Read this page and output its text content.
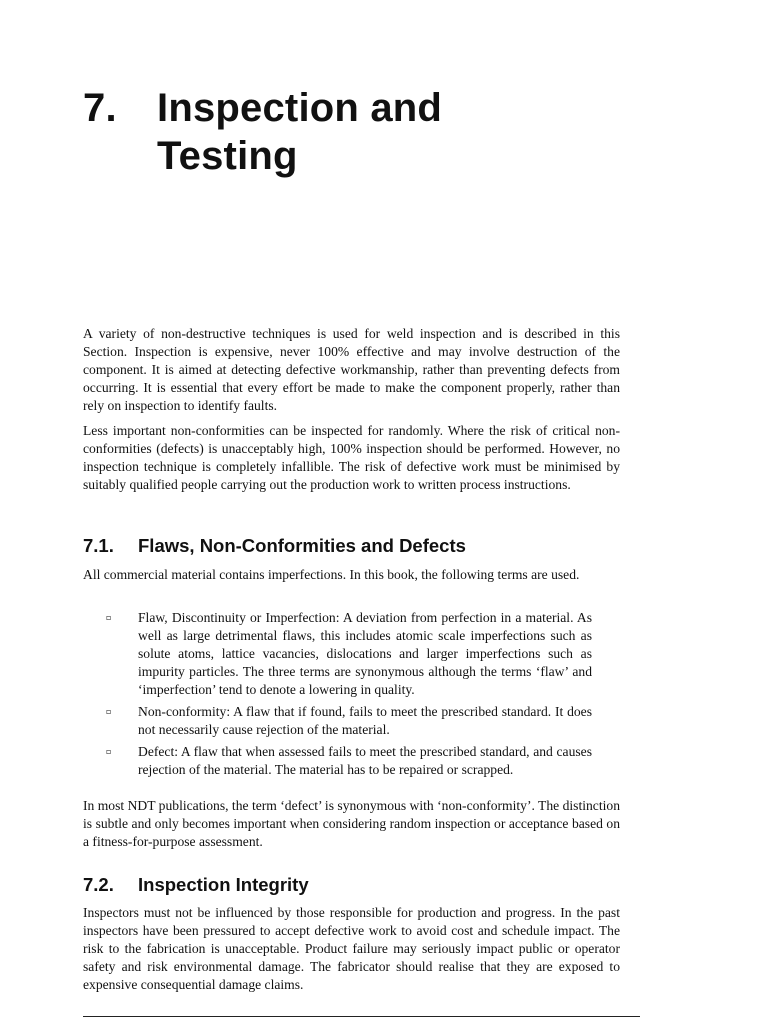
7.	Inspection and Testing

A variety of non-destructive techniques is used for weld inspection and is described in this Section. Inspection is expensive, never 100% effective and may involve destruction of the component. It is aimed at detecting defective workmanship, rather than preventing defects from occurring. It is essential that every effort be made to make the component properly, rather than rely on inspection to identify faults.

Less important non-conformities can be inspected for randomly. Where the risk of critical non-conformities (defects) is unacceptably high, 100% inspection should be performed. However, no inspection technique is completely infallible. The risk of defective work must be minimised by suitably qualified people carrying out the production work to written process instructions.

7.1.	Flaws, Non-Conformities and Defects

All commercial material contains imperfections. In this book, the following terms are used.

▫	Flaw, Discontinuity or Imperfection: A deviation from perfection in a material. As well as large detrimental flaws, this includes atomic scale imperfections such as solute atoms, lattice vacancies, dislocations and larger imperfections such as impurity particles. The three terms are synonymous although the terms ‘flaw’ and ‘imperfection’ tend to denote a lowering in quality.
▫	Non-conformity: A flaw that if found, fails to meet the prescribed standard. It does not necessarily cause rejection of the material.
▫	Defect: A flaw that when assessed fails to meet the prescribed standard, and causes rejection of the material. The material has to be repaired or scrapped.

In most NDT publications, the term ‘defect’ is synonymous with ‘non-conformity’. The distinction is subtle and only becomes important when considering random inspection or acceptance based on a fitness-for-purpose assessment.

7.2.	Inspection Integrity

Inspectors must not be influenced by those responsible for production and progress. In the past inspectors have been pressured to accept defective work to avoid cost and schedule impact. The risk to the fabrication is unacceptable. Product failure may seriously impact public or operator safety and risk environmental damage. The fabricator should realise that they are exposed to expensive consequential damage claims.
